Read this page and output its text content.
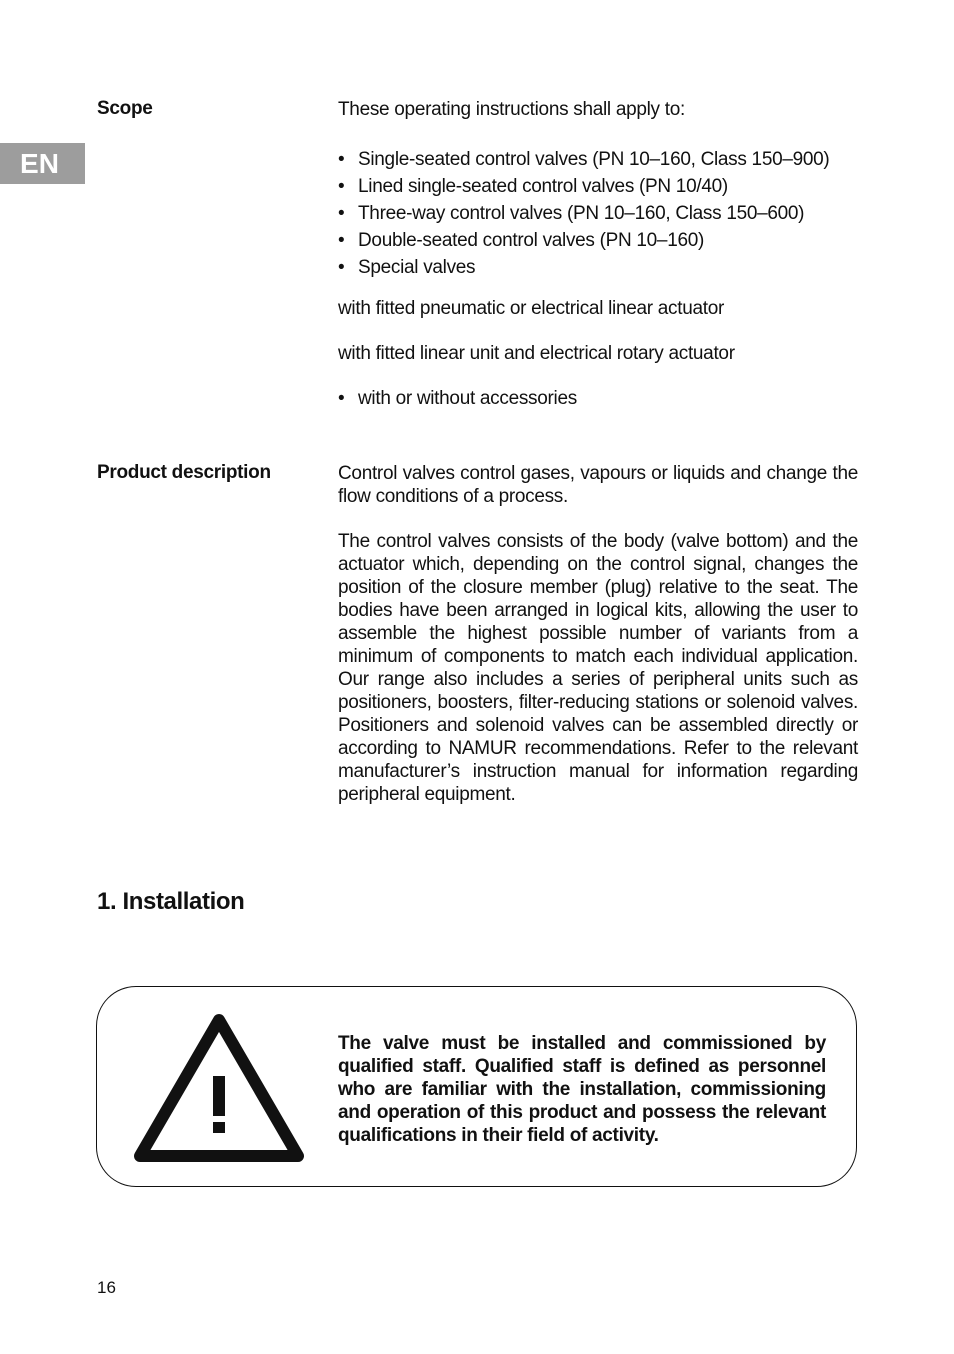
EN
Scope	These operating instructions shall apply to:

• Single-seated control valves (PN 10–160, Class 150–900)
• Lined single-seated control valves (PN 10/40)
• Three-way control valves (PN 10–160, Class 150–600)
• Double-seated control valves (PN 10–160)
• Special valves

with fitted pneumatic or electrical linear actuator

with fitted linear unit and electrical rotary actuator

• with or without accessories
Product description	Control valves control gases, vapours or liquids and change the flow conditions of a process.

The control valves consists of the body (valve bottom) and the actuator which, depending on the control signal, changes the position of the closure member (plug) relative to the seat. The bodies have been arranged in logical kits, allowing the user to assemble the highest possible number of variants from a minimum of components to match each individual application. Our range also includes a series of peripheral units such as positioners, boosters, filter-reducing stations or solenoid valves. Positioners and solenoid valves can be assembled directly or according to NAMUR recommendations. Refer to the relevant manufacturer’s instruction manual for information regarding peripheral equipment.

1. Installation
The valve must be installed and commissioned by qualified staff. Qualified staff is defined as personnel who are familiar with the installation, commissioning and operation of this product and possess the relevant qualifications in their field of activity.
16
